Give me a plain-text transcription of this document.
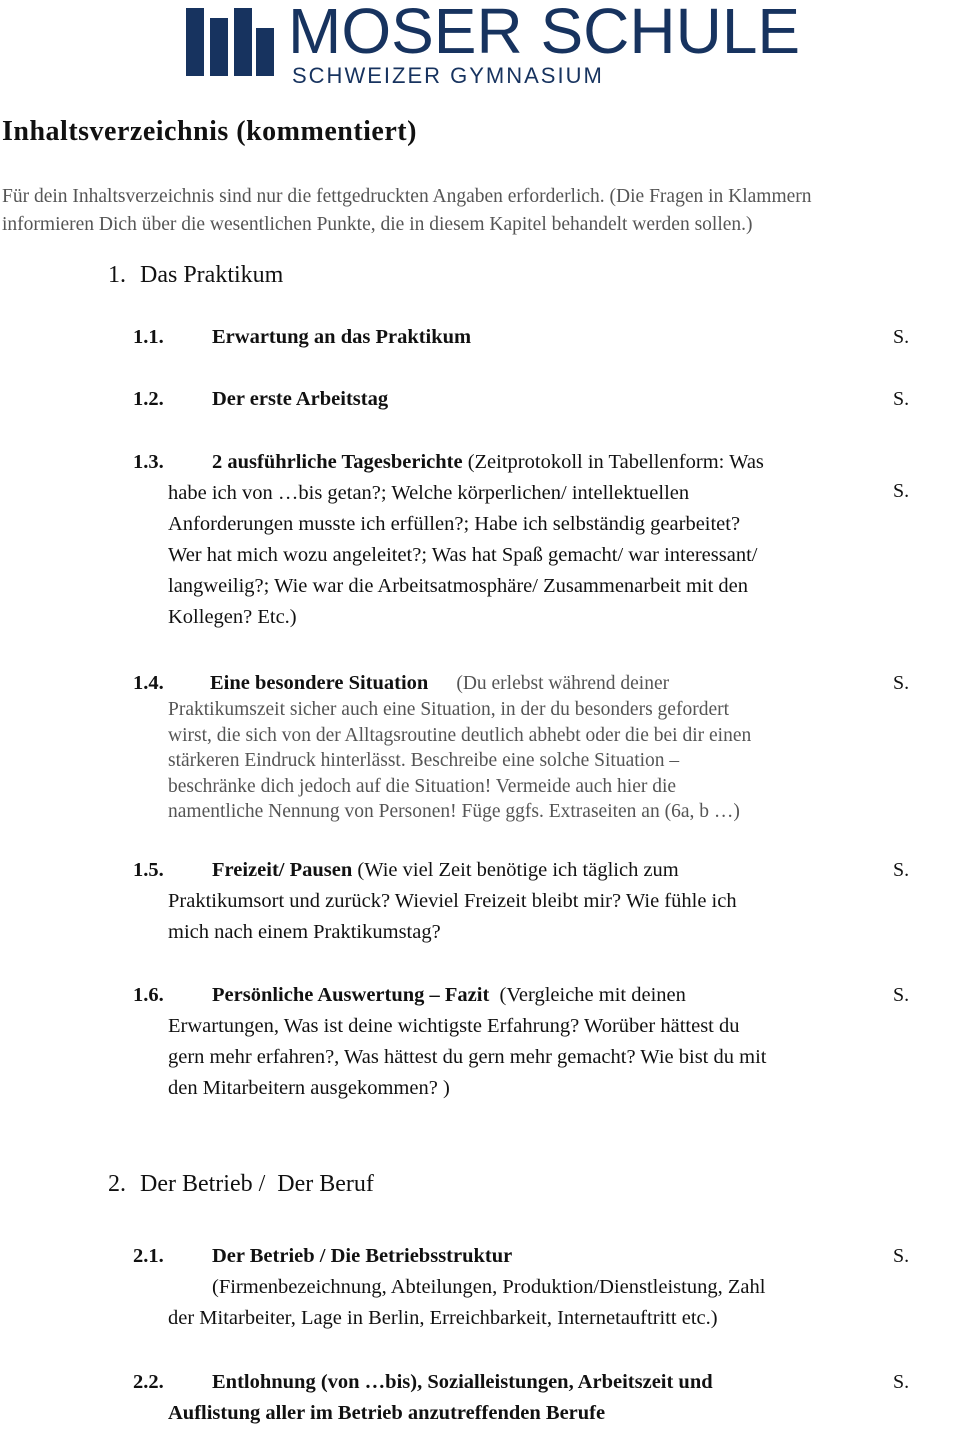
MOSER SCHULE
SCHWEIZER GYMNASIUM
Inhaltsverzeichnis (kommentiert)
Für dein Inhaltsverzeichnis sind nur die fettgedruckten Angaben erforderlich. (Die Fragen in Klammern
informieren Dich über die wesentlichen Punkte, die in diesem Kapitel behandelt werden sollen.)
1. Das Praktikum
1.1.	Erwartung an das Praktikum	S.
1.2.	Der erste Arbeitstag	S.
1.3.	2 ausführliche Tagesberichte (Zeitprotokoll in Tabellenform: Was
habe ich von …bis getan?; Welche körperlichen/ intellektuellen
Anforderungen musste ich erfüllen?; Habe ich selbständig gearbeitet?
Wer hat mich wozu angeleitet?; Was hat Spaß gemacht/ war interessant/
langweilig?; Wie war die Arbeitsatmosphäre/ Zusammenarbeit mit den
Kollegen? Etc.)
S.
1.4.	Eine besondere Situation (Du erlebst während deiner
Praktikumszeit sicher auch eine Situation, in der du besonders gefordert
wirst, die sich von der Alltagsroutine deutlich abhebt oder die bei dir einen
stärkeren Eindruck hinterlässt. Beschreibe eine solche Situation –
beschränke dich jedoch auf die Situation! Vermeide auch hier die
namentliche Nennung von Personen! Füge ggfs. Extraseiten an (6a, b …)
S.
1.5.	Freizeit/ Pausen (Wie viel Zeit benötige ich täglich zum
Praktikumsort und zurück? Wieviel Freizeit bleibt mir? Wie fühle ich
mich nach einem Praktikumstag?
S.
1.6.	Persönliche Auswertung – Fazit  (Vergleiche mit deinen
Erwartungen, Was ist deine wichtigste Erfahrung? Worüber hättest du
gern mehr erfahren?, Was hättest du gern mehr gemacht? Wie bist du mit
den Mitarbeitern ausgekommen? )
S.
2. Der Betrieb /  Der Beruf
2.1.	Der Betrieb / Die Betriebsstruktur
(Firmenbezeichnung, Abteilungen, Produktion/Dienstleistung, Zahl
der Mitarbeiter, Lage in Berlin, Erreichbarkeit, Internetauftritt etc.)
S.
2.2.	Entlohnung (von …bis), Sozialleistungen, Arbeitszeit und
Auflistung aller im Betrieb anzutreffenden Berufe
S.
